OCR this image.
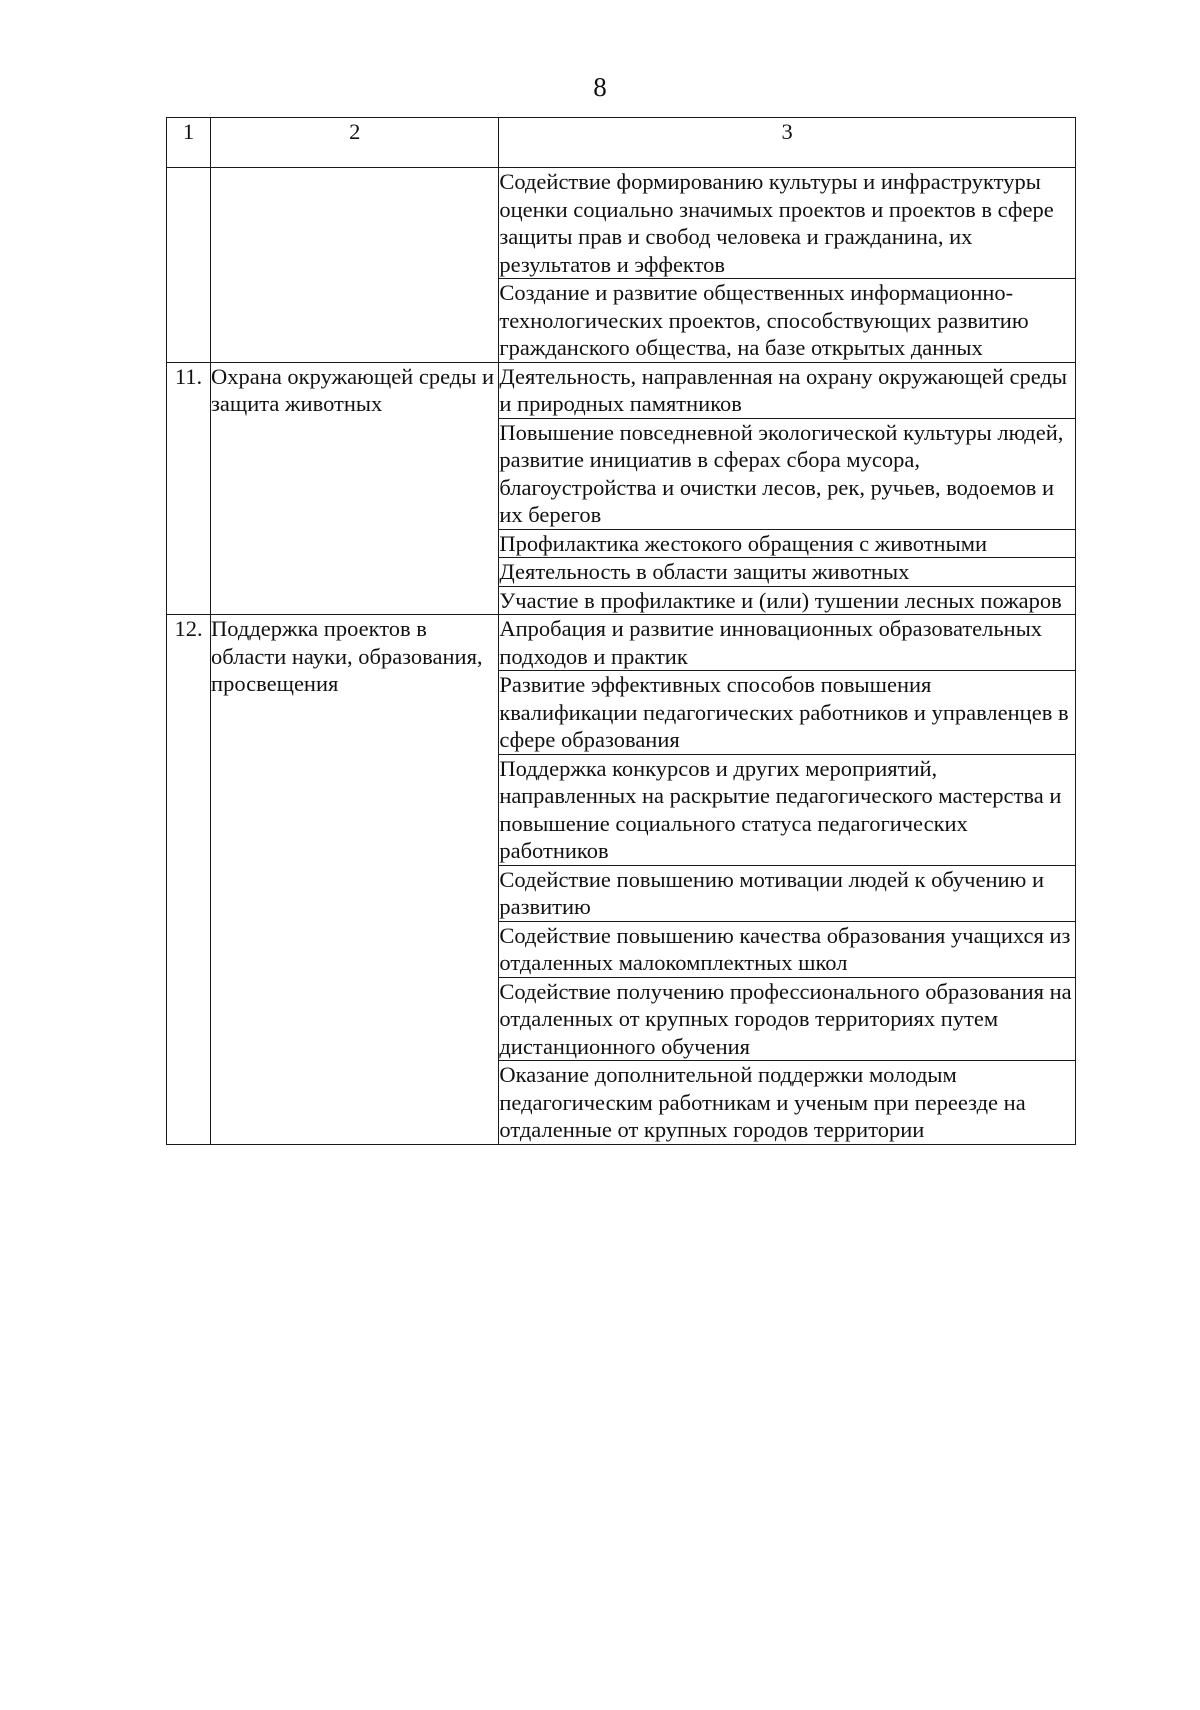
8
1	2	3
		Содействие формированию культуры и инфраструктуры оценки социально значимых проектов и проектов в сфере защиты прав и свобод человека и гражданина, их результатов и эффектов
		Создание и развитие общественных информационно-технологических проектов, способствующих развитию гражданского общества, на базе открытых данных
11.	Охрана окружающей среды и защита животных	Деятельность, направленная на охрану окружающей среды и природных памятников
		Повышение повседневной экологической культуры людей, развитие инициатив в сферах сбора мусора, благоустройства и очистки лесов, рек, ручьев, водоемов и их берегов
		Профилактика жестокого обращения с животными
		Деятельность в области защиты животных
		Участие в профилактике и (или) тушении лесных пожаров
12.	Поддержка проектов в области науки, образования, просвещения	Апробация и развитие инновационных образовательных подходов и практик
		Развитие эффективных способов повышения квалификации педагогических работников и управленцев в сфере образования
		Поддержка конкурсов и других мероприятий, направленных на раскрытие педагогического мастерства и повышение социального статуса педагогических работников
		Содействие повышению мотивации людей к обучению и развитию
		Содействие повышению качества образования учащихся из отдаленных малокомплектных школ
		Содействие получению профессионального образования на отдаленных от крупных городов территориях путем дистанционного обучения
		Оказание дополнительной поддержки молодым педагогическим работникам и ученым при переезде на отдаленные от крупных городов территории
